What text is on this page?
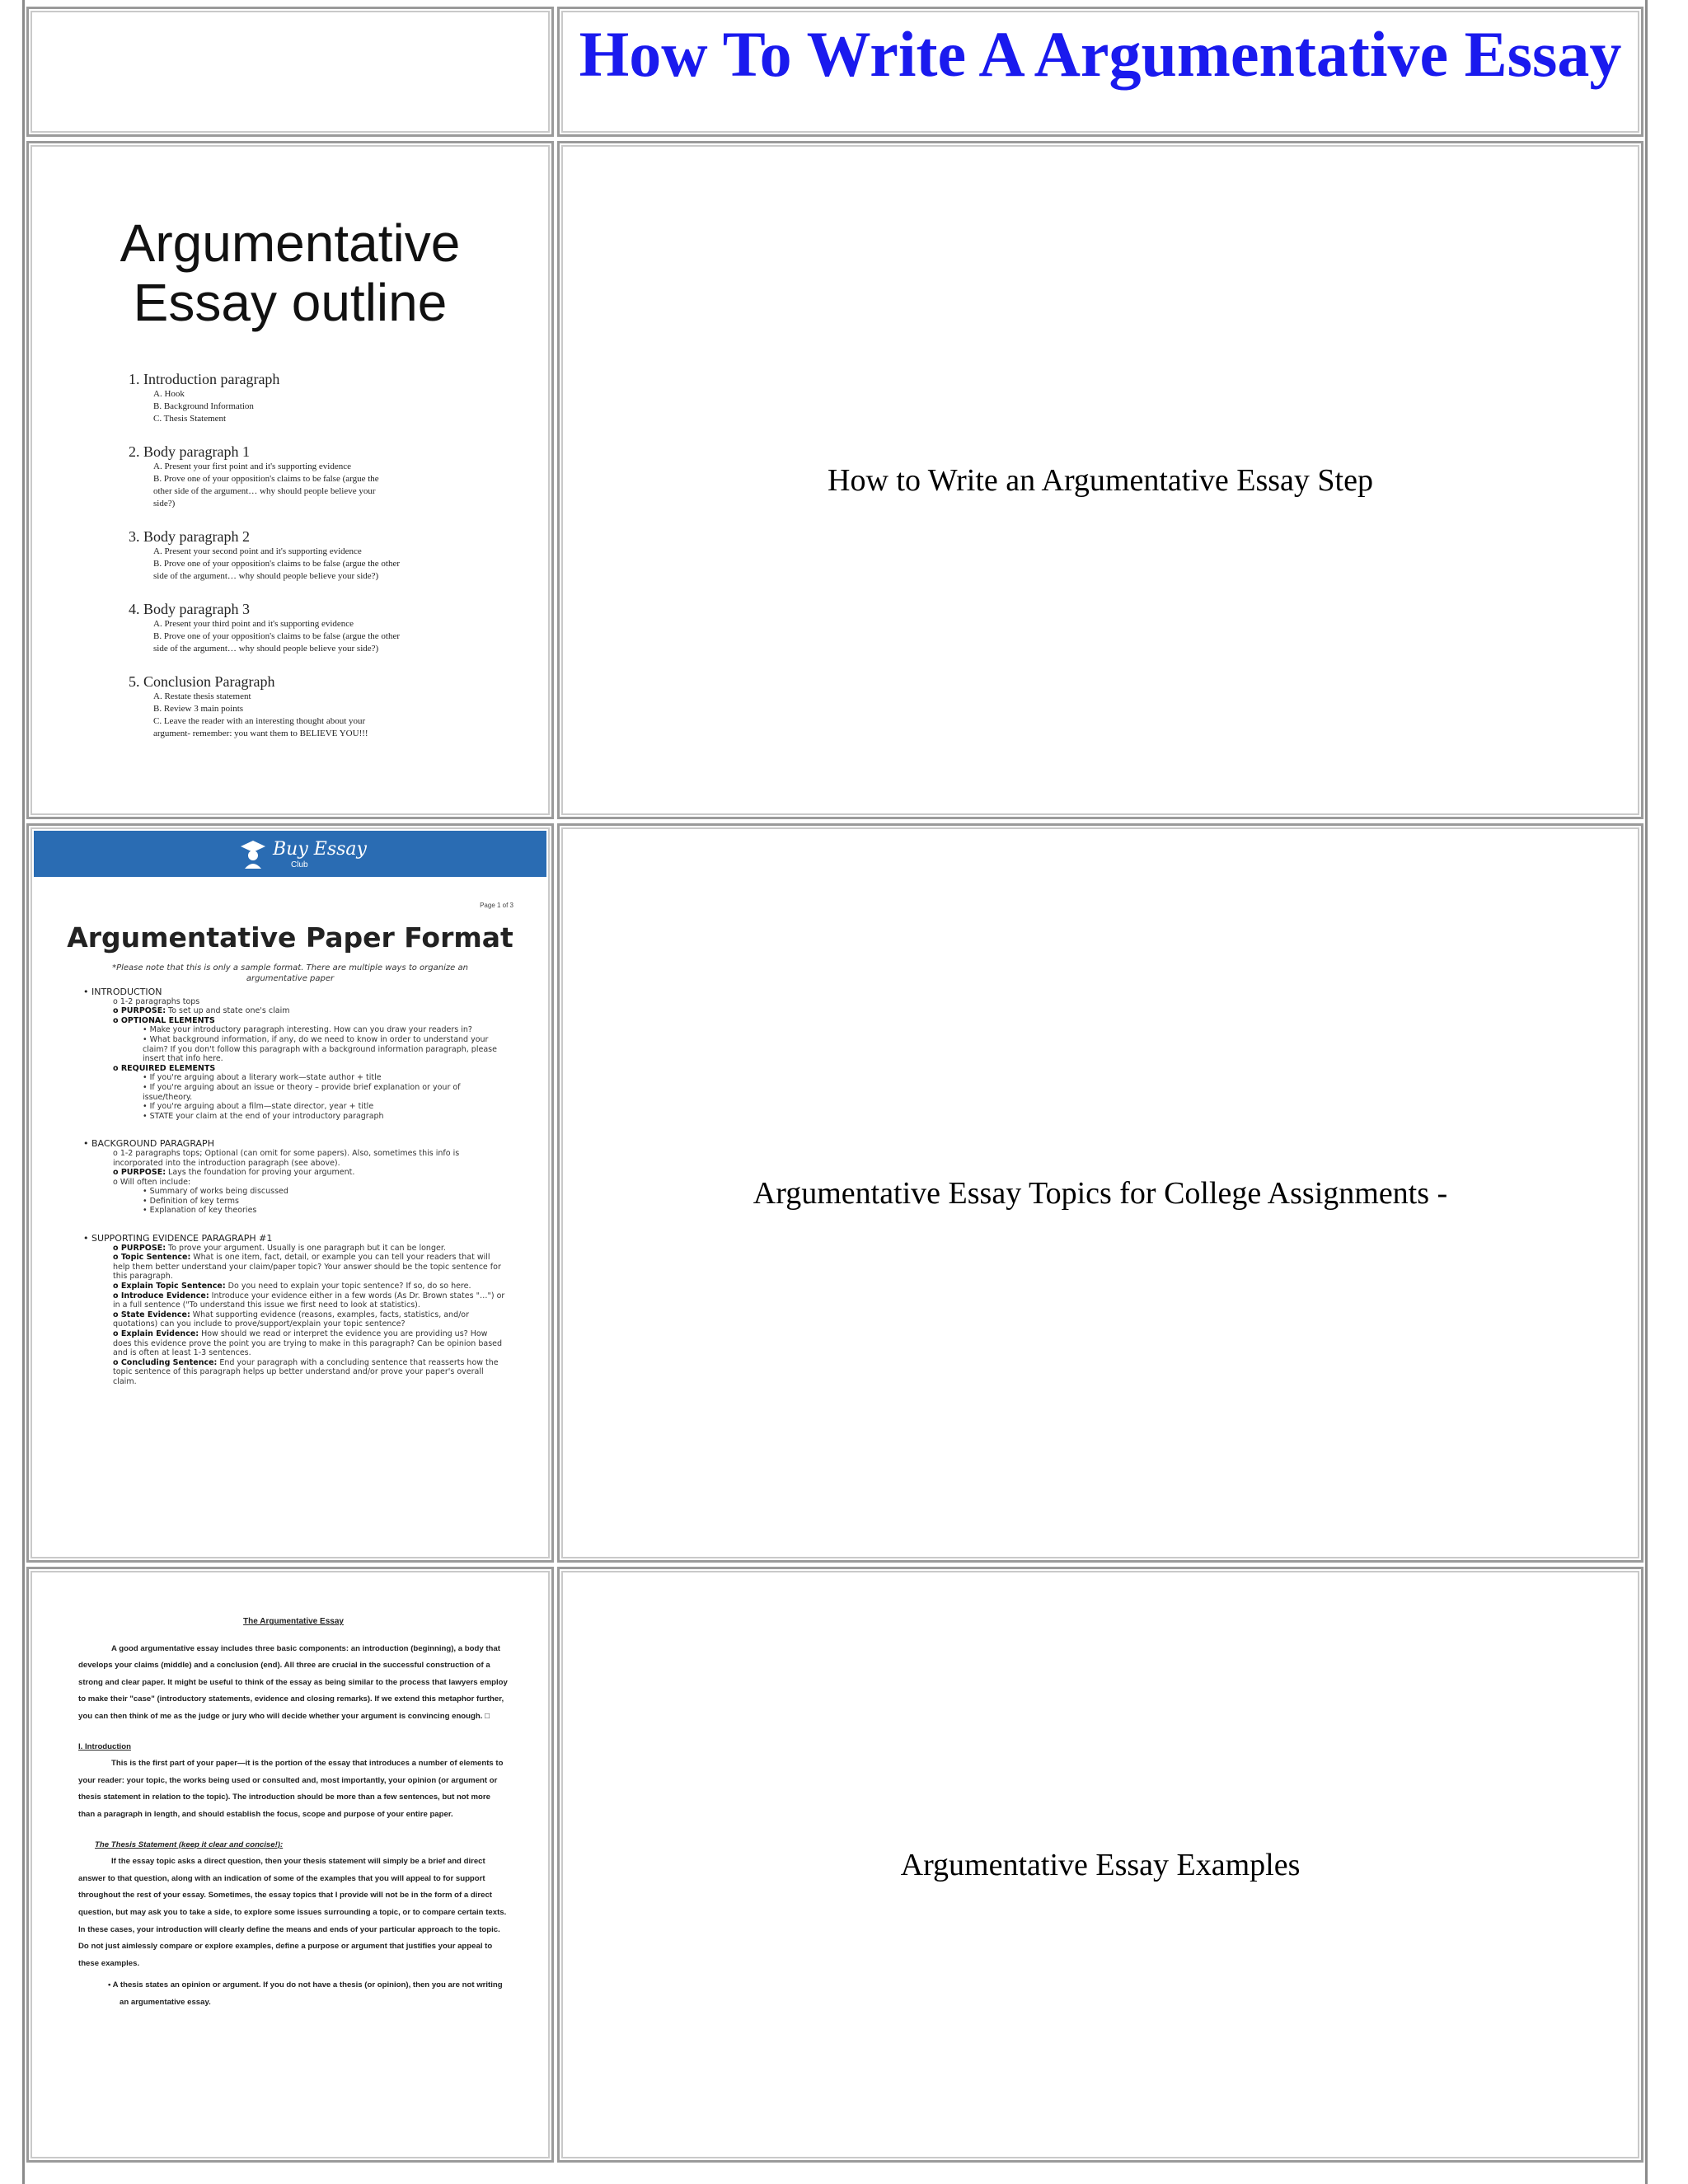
How To Write A Argumentative Essay
Argumentative
Essay outline
1. Introduction paragraph
A. Hook
B. Background Information
C. Thesis Statement
2. Body paragraph 1
A. Present your first point and it's supporting evidence
B. Prove one of your opposition's claims to be false (argue the
other side of the argument… why should people believe your
side?)
3. Body paragraph 2
A. Present your second point and it's supporting evidence
B. Prove one of your opposition's claims to be false (argue the other
side of the argument… why should people believe your side?)
4. Body paragraph 3
A. Present your third point and it's supporting evidence
B. Prove one of your opposition's claims to be false (argue the other
side of the argument… why should people believe your side?)
5. Conclusion Paragraph
A. Restate thesis statement
B. Review 3 main points
C. Leave the reader with an interesting thought about your
argument- remember: you want them to BELIEVE YOU!!!
How to Write an Argumentative Essay Step
Buy Essay
Club
Page 1 of 3
Argumentative Paper Format
*Please note that this is only a sample format. There are multiple ways to organize an argumentative paper
• INTRODUCTION
o 1-2 paragraphs tops
o PURPOSE: To set up and state one's claim
o OPTIONAL ELEMENTS
• Make your introductory paragraph interesting. How can you draw your readers in?
• What background information, if any, do we need to know in order to understand your claim? If you don't follow this paragraph with a background information paragraph, please insert that info here.
o REQUIRED ELEMENTS
• If you're arguing about a literary work—state author + title
• If you're arguing about an issue or theory – provide brief explanation or your of issue/theory.
• If you're arguing about a film—state director, year + title
• STATE your claim at the end of your introductory paragraph
• BACKGROUND PARAGRAPH
o 1-2 paragraphs tops; Optional (can omit for some papers). Also, sometimes this info is incorporated into the introduction paragraph (see above).
o PURPOSE: Lays the foundation for proving your argument.
o Will often include:
• Summary of works being discussed
• Definition of key terms
• Explanation of key theories
• SUPPORTING EVIDENCE PARAGRAPH #1
o PURPOSE: To prove your argument. Usually is one paragraph but it can be longer.
o Topic Sentence: What is one item, fact, detail, or example you can tell your readers that will help them better understand your claim/paper topic? Your answer should be the topic sentence for this paragraph.
o Explain Topic Sentence: Do you need to explain your topic sentence? If so, do so here.
o Introduce Evidence: Introduce your evidence either in a few words (As Dr. Brown states "…") or in a full sentence ("To understand this issue we first need to look at statistics).
o State Evidence: What supporting evidence (reasons, examples, facts, statistics, and/or quotations) can you include to prove/support/explain your topic sentence?
o Explain Evidence: How should we read or interpret the evidence you are providing us? How does this evidence prove the point you are trying to make in this paragraph? Can be opinion based and is often at least 1-3 sentences.
o Concluding Sentence: End your paragraph with a concluding sentence that reasserts how the topic sentence of this paragraph helps up better understand and/or prove your paper's overall claim.
Argumentative Essay Topics for College Assignments -
The Argumentative Essay

A good argumentative essay includes three basic components: an introduction (beginning), a body that develops your claims (middle) and a conclusion (end). All three are crucial in the successful construction of a strong and clear paper. It might be useful to think of the essay as being similar to the process that lawyers employ to make their "case" (introductory statements, evidence and closing remarks). If we extend this metaphor further, you can then think of me as the judge or jury who will decide whether your argument is convincing enough. □

I. Introduction

This is the first part of your paper—it is the portion of the essay that introduces a number of elements to your reader: your topic, the works being used or consulted and, most importantly, your opinion (or argument or thesis statement in relation to the topic). The introduction should be more than a few sentences, but not more than a paragraph in length, and should establish the focus, scope and purpose of your entire paper.

The Thesis Statement (keep it clear and concise!):

If the essay topic asks a direct question, then your thesis statement will simply be a brief and direct answer to that question, along with an indication of some of the examples that you will appeal to for support throughout the rest of your essay. Sometimes, the essay topics that I provide will not be in the form of a direct question, but may ask you to take a side, to explore some issues surrounding a topic, or to compare certain texts. In these cases, your introduction will clearly define the means and ends of your particular approach to the topic. Do not just aimlessly compare or explore examples, define a purpose or argument that justifies your appeal to these examples.

• A thesis states an opinion or argument. If you do not have a thesis (or opinion), then you are not writing an argumentative essay.
Argumentative Essay Examples
